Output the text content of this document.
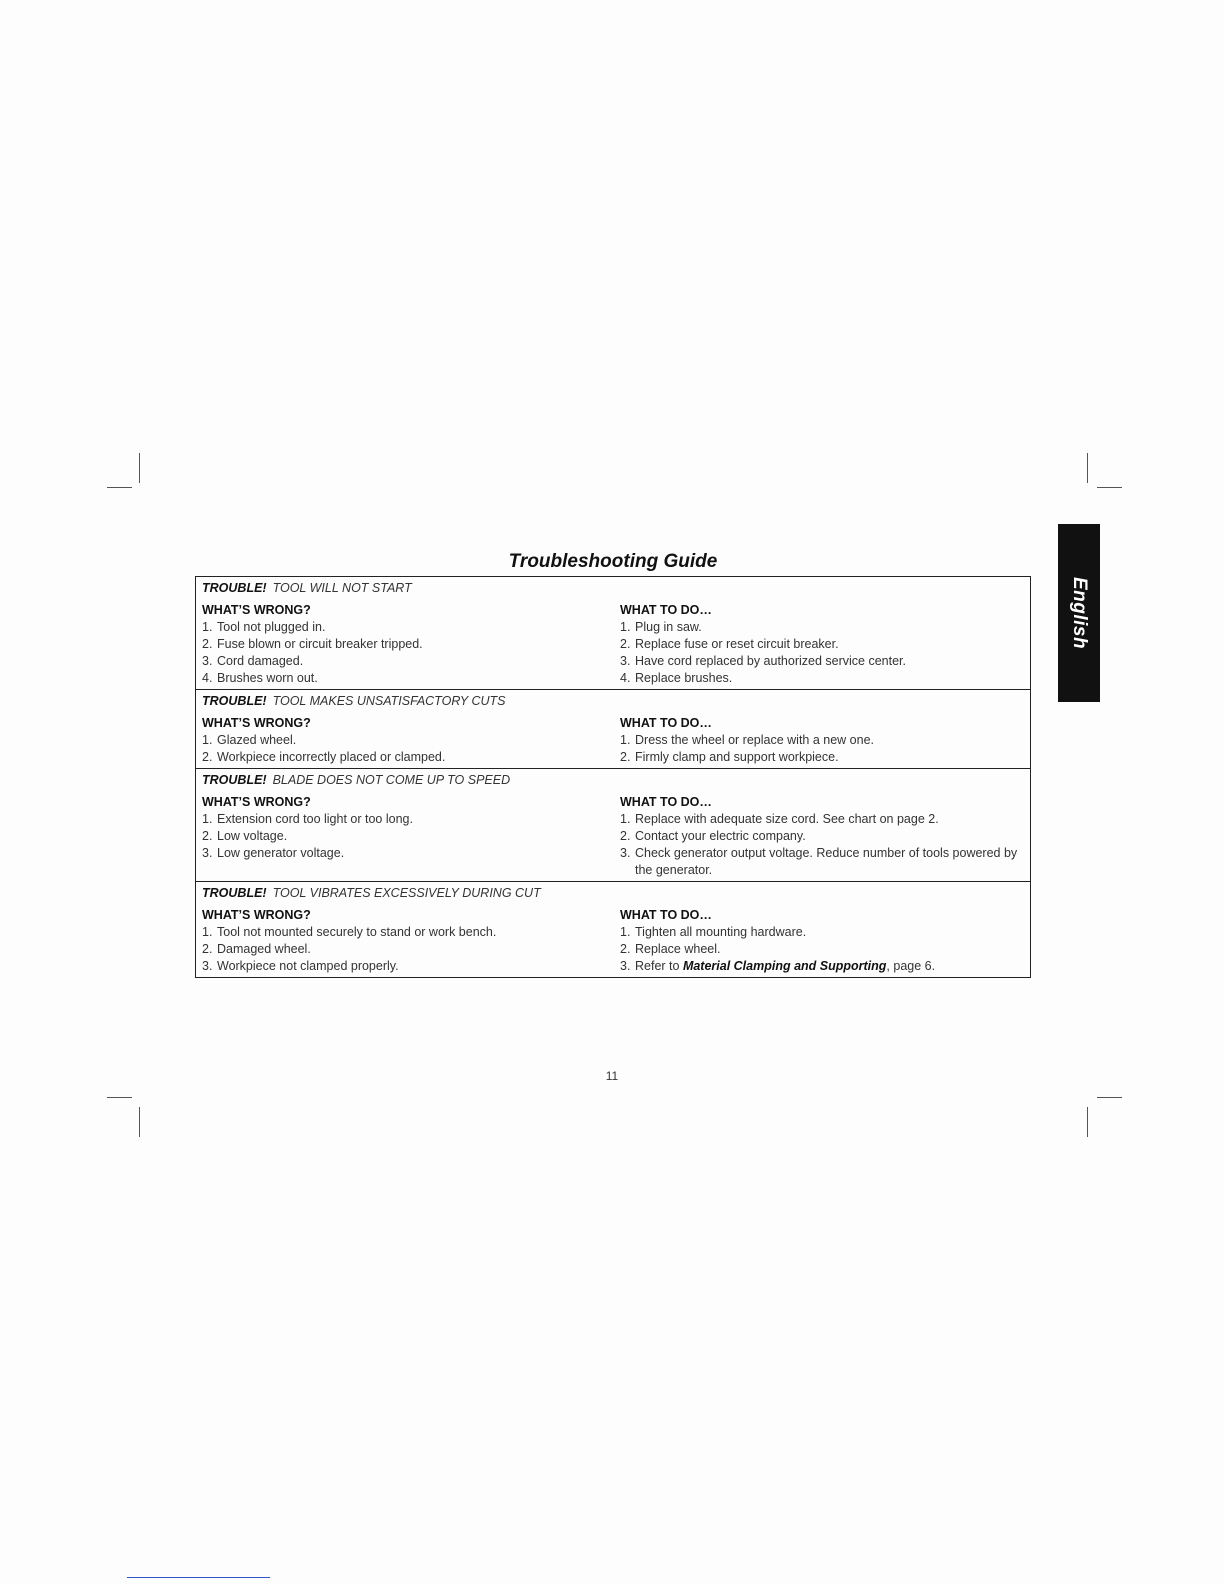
English
Troubleshooting Guide
TROUBLE! TOOL WILL NOT START
WHAT’S WRONG?
1. Tool not plugged in.
2. Fuse blown or circuit breaker tripped.
3. Cord damaged.
4. Brushes worn out.
WHAT TO DO…
1. Plug in saw.
2. Replace fuse or reset circuit breaker.
3. Have cord replaced by authorized service center.
4. Replace brushes.
TROUBLE! TOOL MAKES UNSATISFACTORY CUTS
WHAT’S WRONG?
1. Glazed wheel.
2. Workpiece incorrectly placed or clamped.
WHAT TO DO…
1. Dress the wheel or replace with a new one.
2. Firmly clamp and support workpiece.
TROUBLE! BLADE DOES NOT COME UP TO SPEED
WHAT’S WRONG?
1. Extension cord too light or too long.
2. Low voltage.
3. Low generator voltage.
WHAT TO DO…
1. Replace with adequate size cord. See chart on page 2.
2. Contact your electric company.
3. Check generator output voltage. Reduce number of tools powered by the generator.
TROUBLE! TOOL VIBRATES EXCESSIVELY DURING CUT
WHAT’S WRONG?
1. Tool not mounted securely to stand or work bench.
2. Damaged wheel.
3. Workpiece not clamped properly.
WHAT TO DO…
1. Tighten all mounting hardware.
2. Replace wheel.
3. Refer to Material Clamping and Supporting, page 6.
11
